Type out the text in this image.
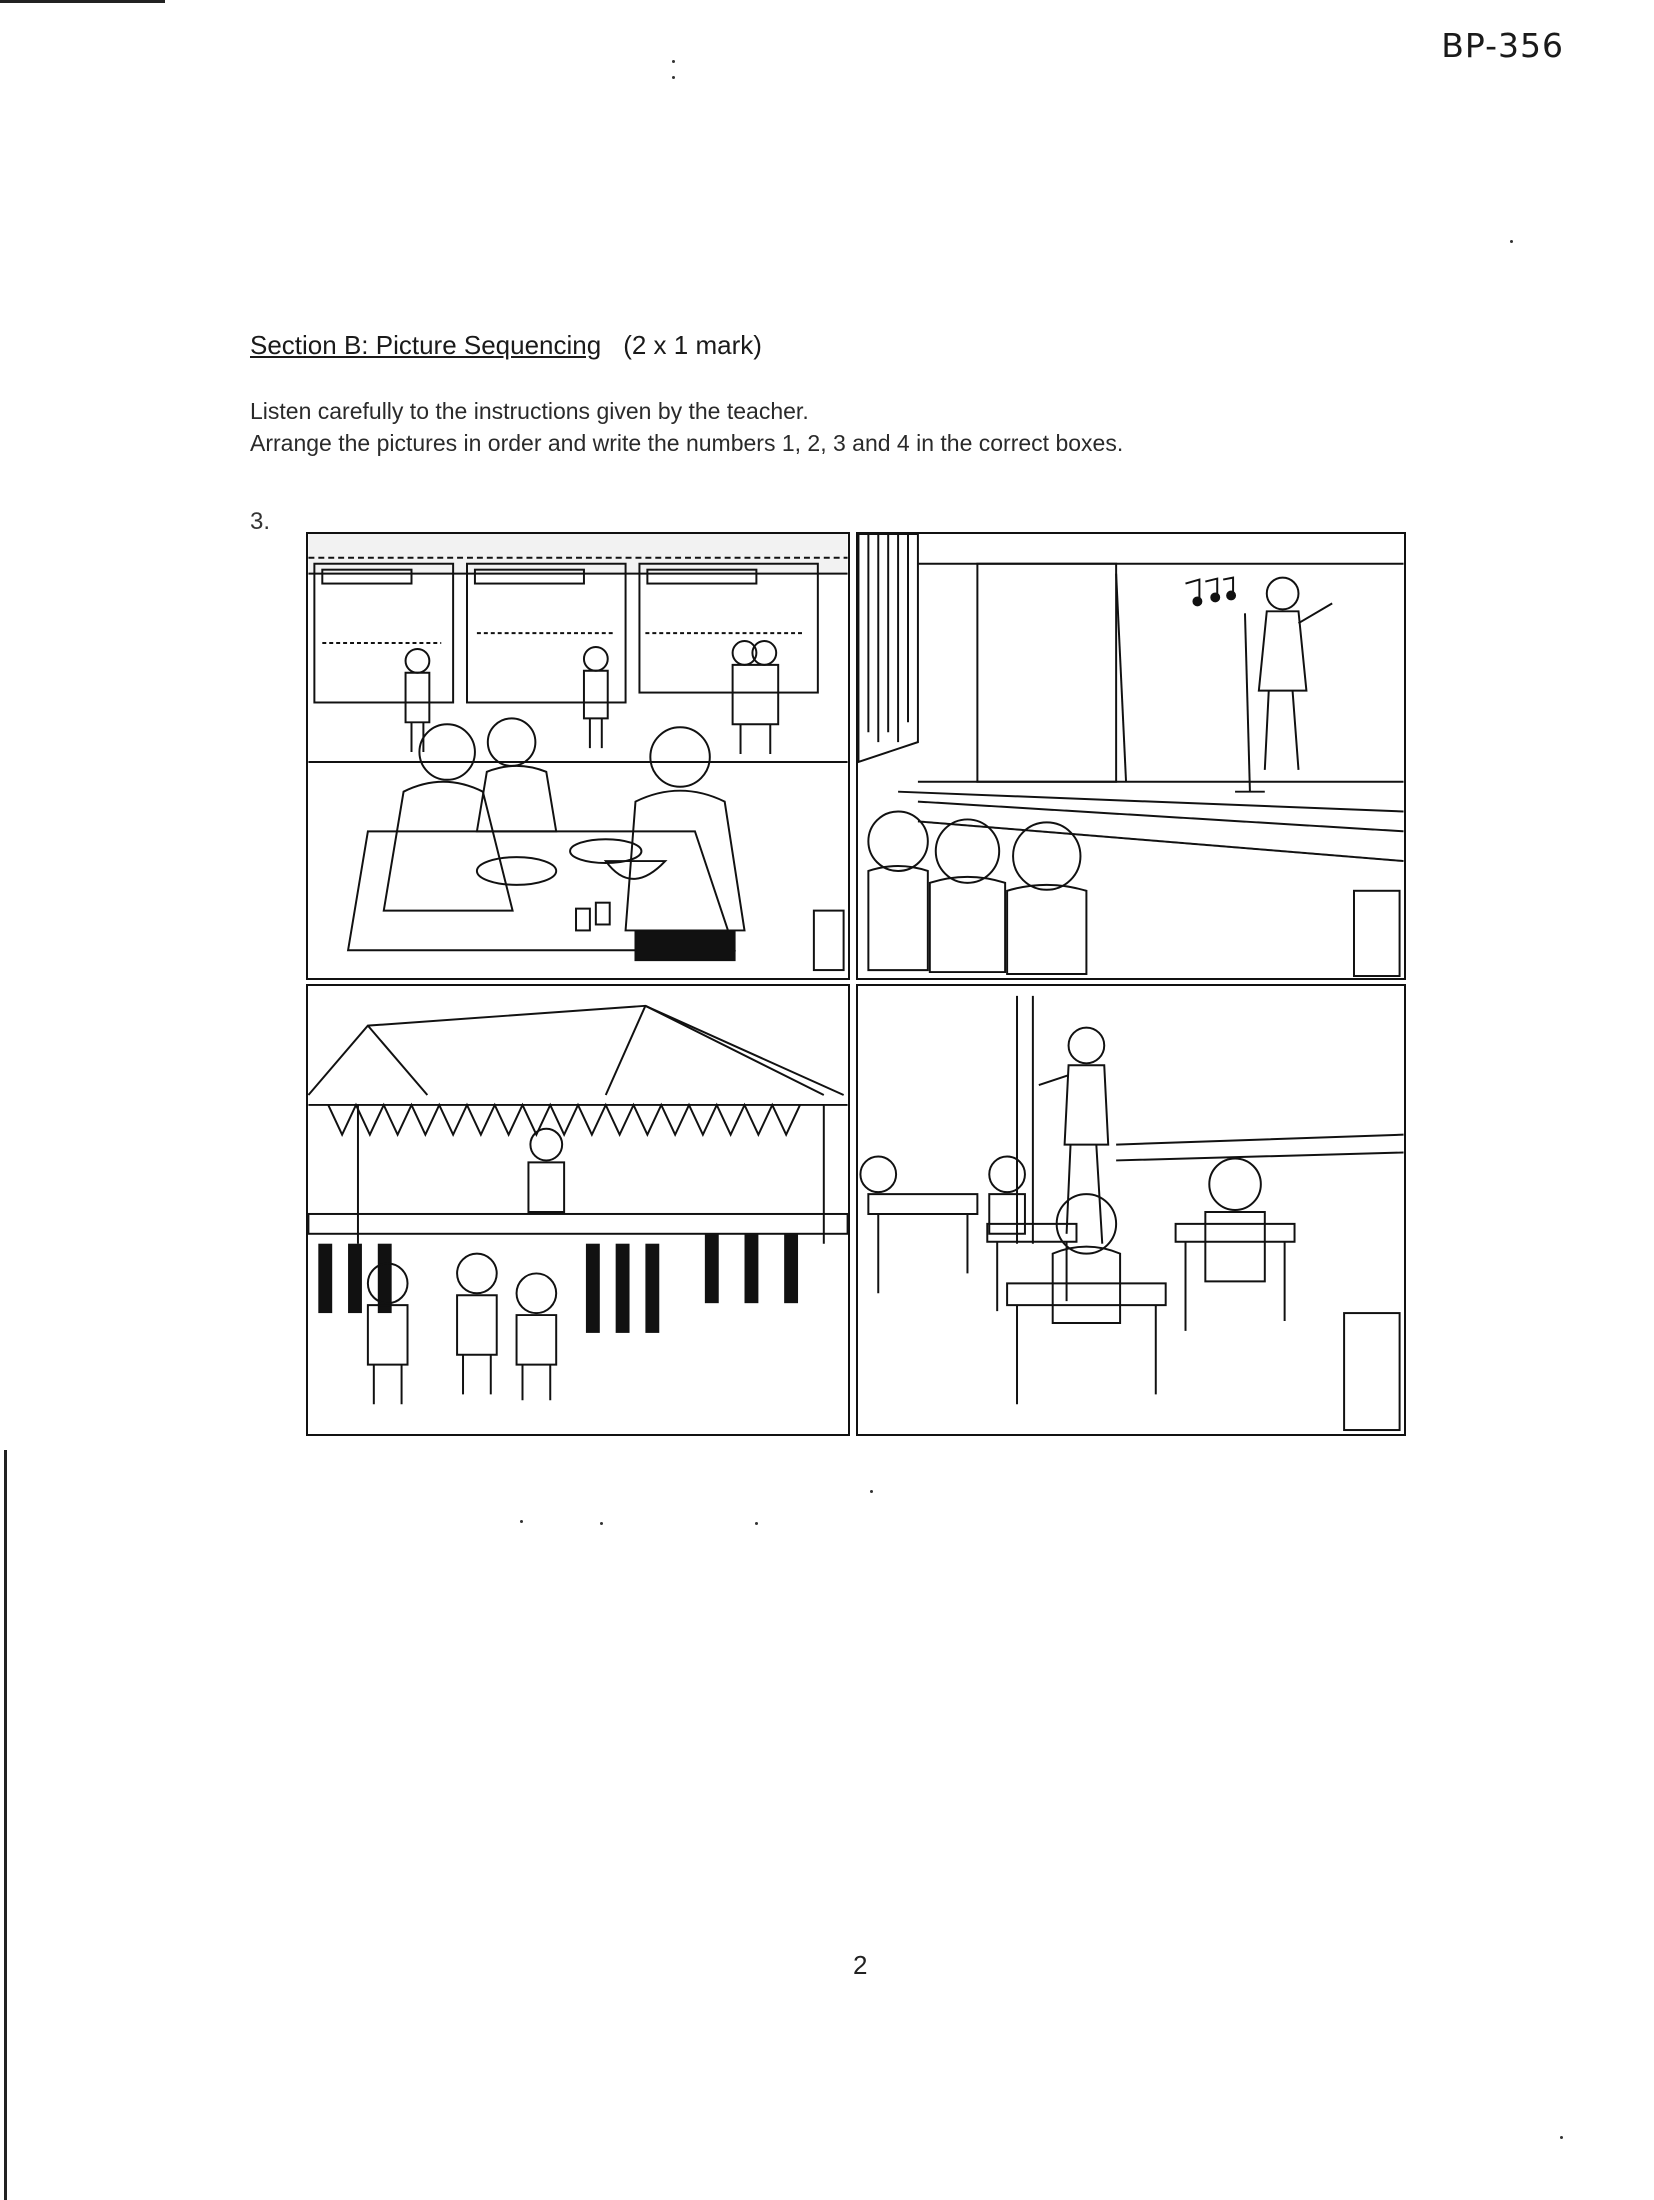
BP-356
Section B: Picture Sequencing (2 x 1 mark)
Listen carefully to the instructions given by the teacher.
Arrange the pictures in order and write the numbers 1, 2, 3 and 4 in the correct boxes.
3.
2
